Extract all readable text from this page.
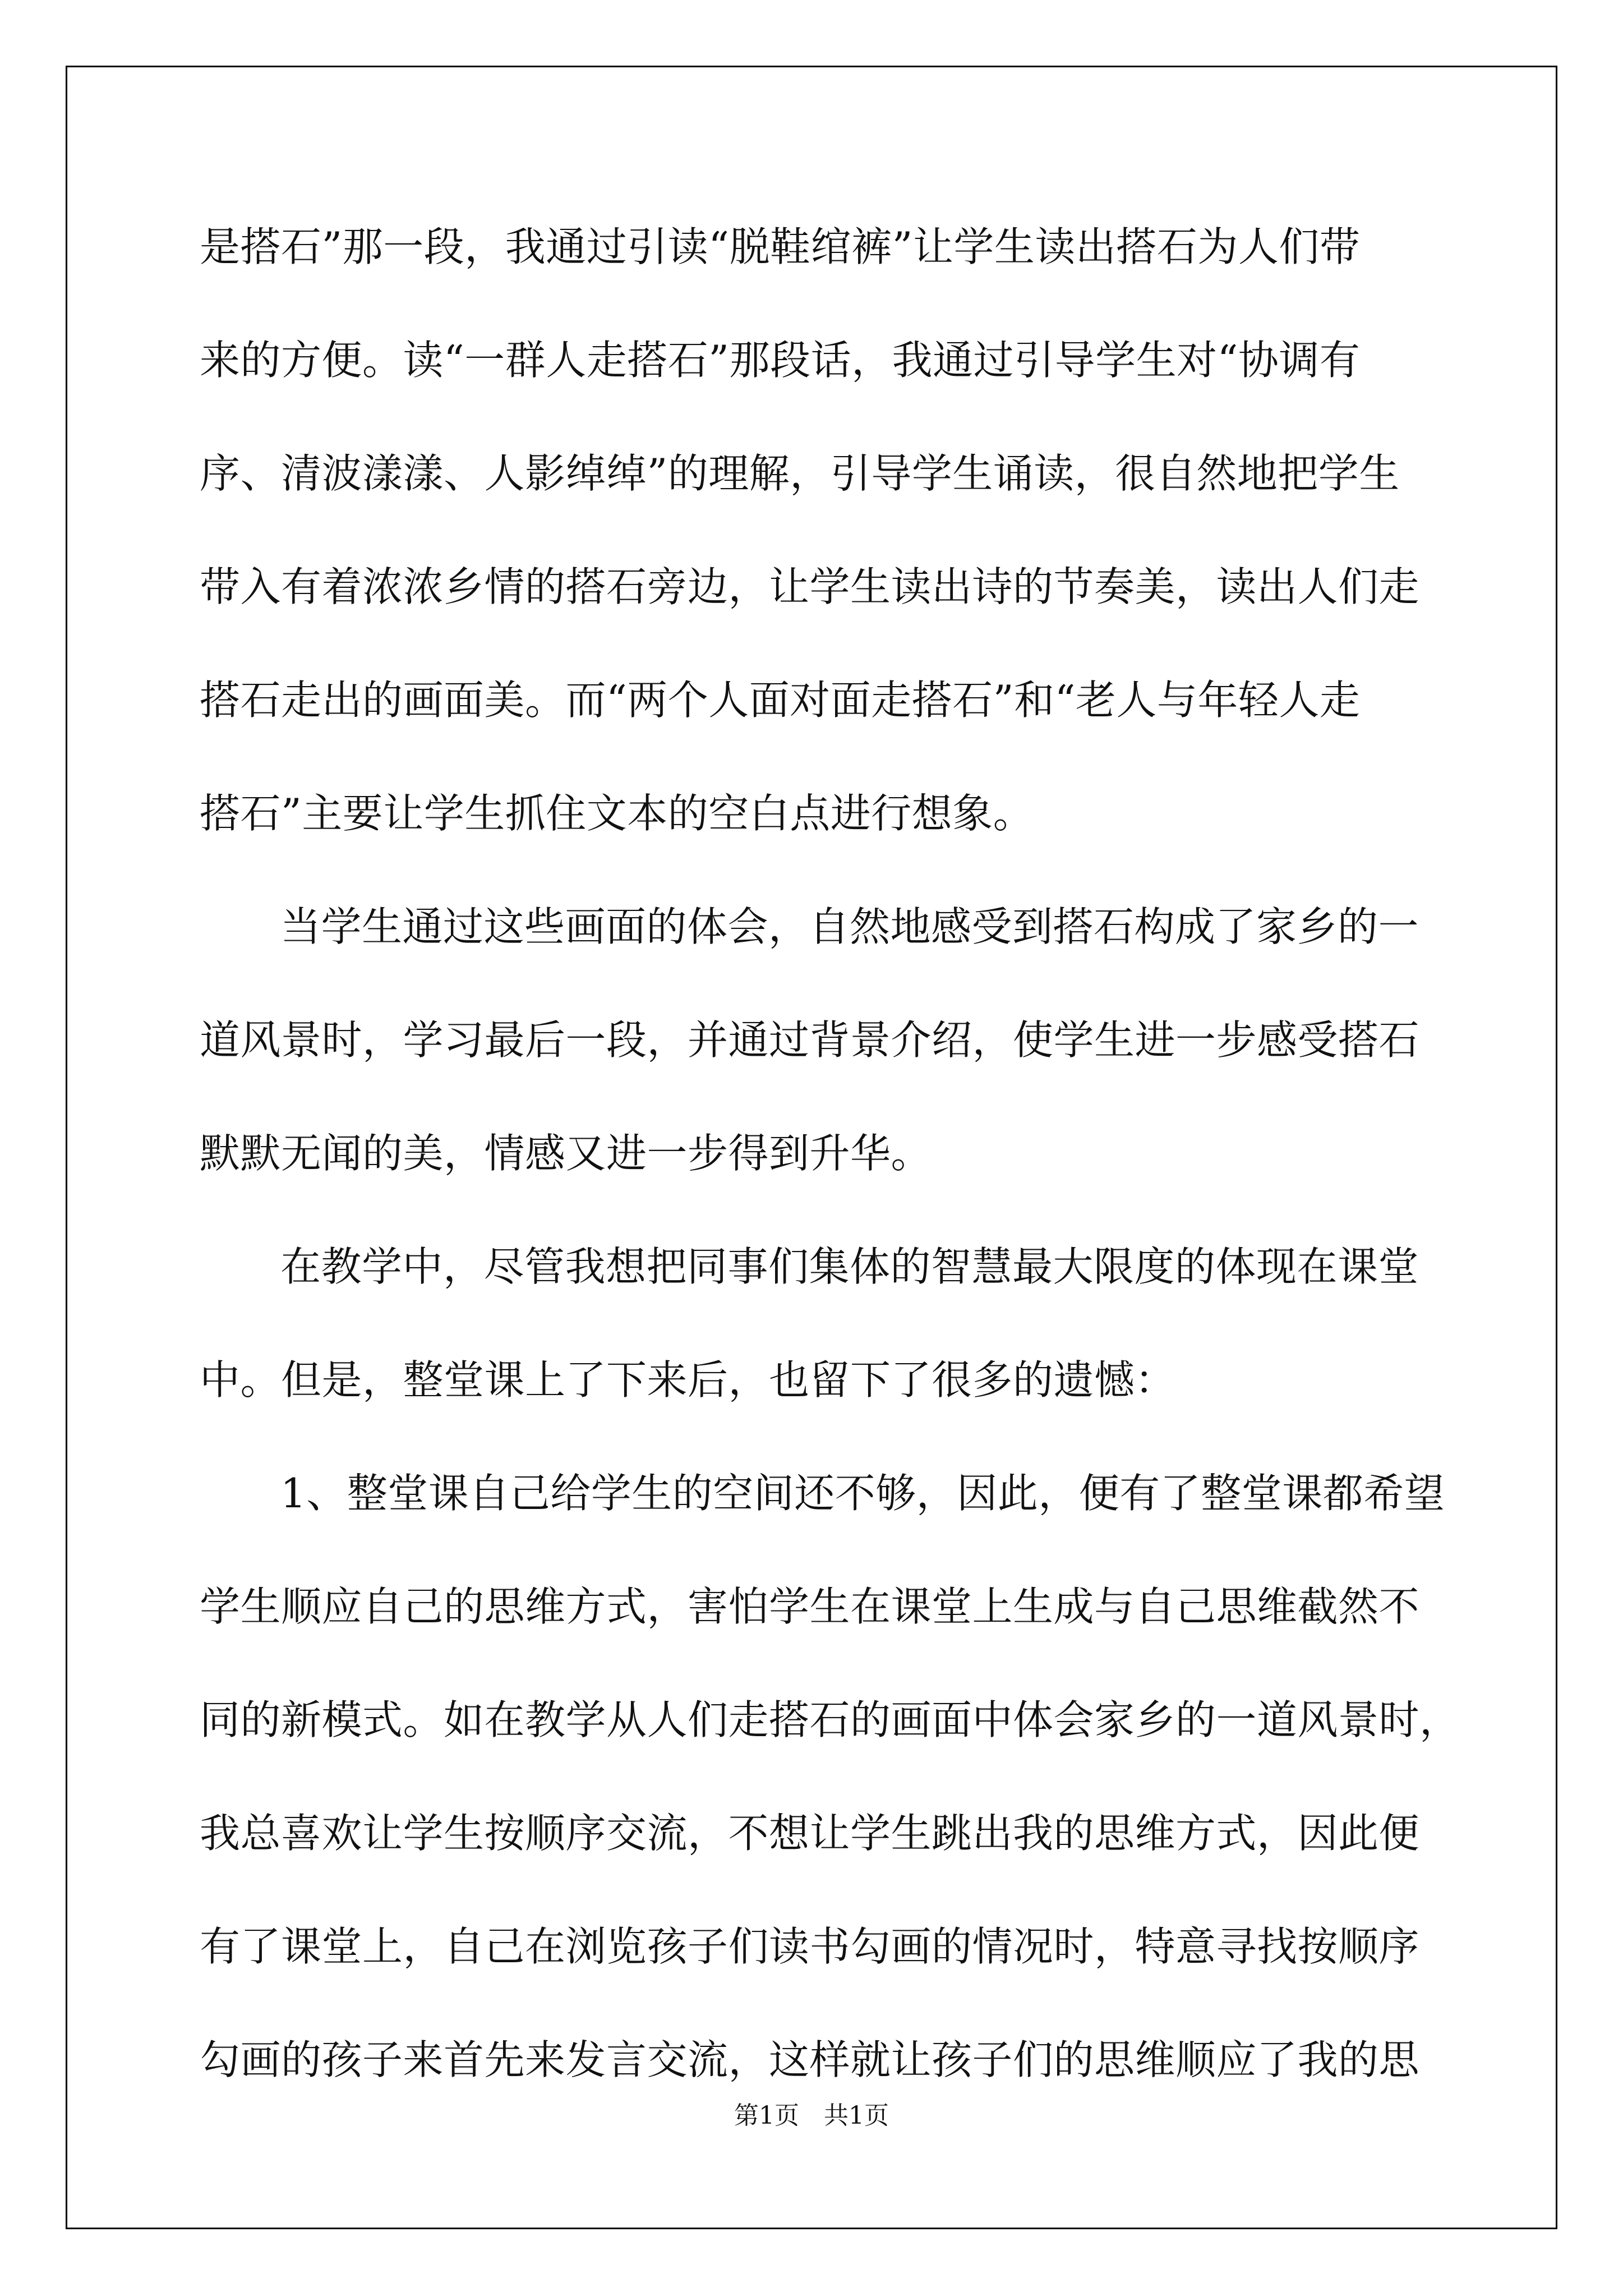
是搭石”那一段，我通过引读“脱鞋绾裤”让学生读出搭石为人们带
来的方便。读“一群人走搭石”那段话，我通过引导学生对“协调有
序、清波漾漾、人影绰绰”的理解，引导学生诵读，很自然地把学生
带入有着浓浓乡情的搭石旁边，让学生读出诗的节奏美，读出人们走
搭石走出的画面美。而“两个人面对面走搭石”和“老人与年轻人走
搭石”主要让学生抓住文本的空白点进行想象。
当学生通过这些画面的体会，自然地感受到搭石构成了家乡的一
道风景时，学习最后一段，并通过背景介绍，使学生进一步感受搭石
默默无闻的美，情感又进一步得到升华。
在教学中，尽管我想把同事们集体的智慧最大限度的体现在课堂
中。但是，整堂课上了下来后，也留下了很多的遗憾：
1、整堂课自己给学生的空间还不够，因此，便有了整堂课都希望
学生顺应自己的思维方式，害怕学生在课堂上生成与自己思维截然不
同的新模式。如在教学从人们走搭石的画面中体会家乡的一道风景时，
我总喜欢让学生按顺序交流，不想让学生跳出我的思维方式，因此便
有了课堂上，自己在浏览孩子们读书勾画的情况时，特意寻找按顺序
勾画的孩子来首先来发言交流，这样就让孩子们的思维顺应了我的思
第1页　共1页
